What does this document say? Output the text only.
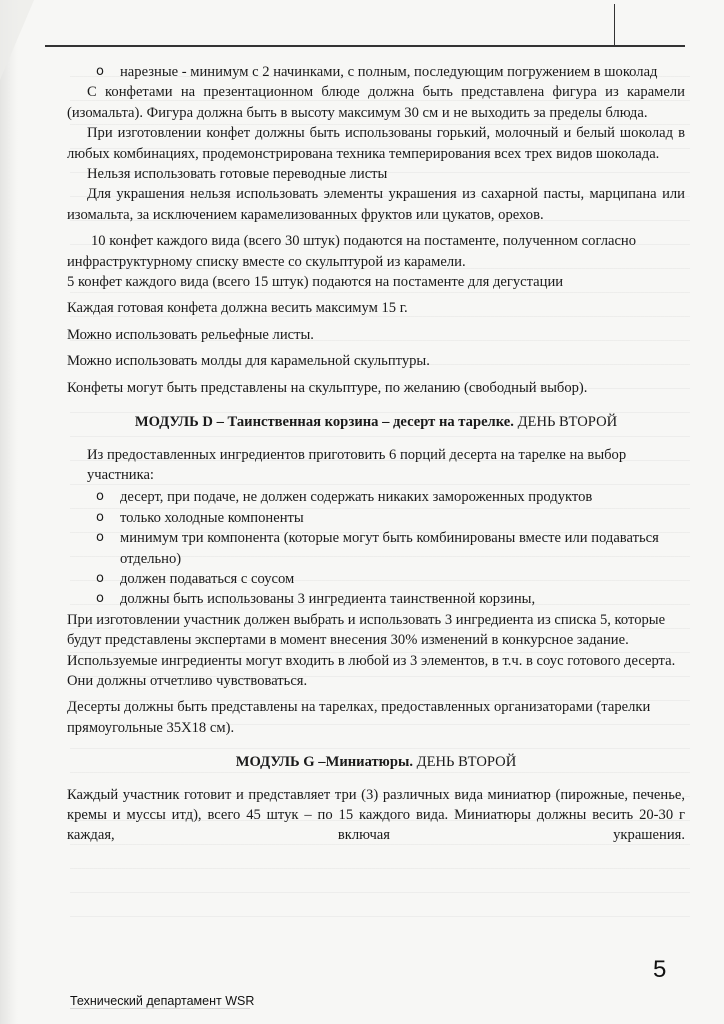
o нарезные - минимум с 2 начинками, с полным, последующим погружением в шоколад

С конфетами на презентационном блюде должна быть представлена фигура из карамели (изомальта). Фигура должна быть в высоту максимум 30 см и не выходить за пределы блюда.

При изготовлении конфет должны быть использованы горький, молочный и белый шоколад в любых комбинациях, продемонстрирована техника темперирования всех трех видов шоколада.

Нельзя использовать готовые переводные листы

Для украшения нельзя использовать элементы украшения из сахарной пасты, марципана или изомальта, за исключением карамелизованных фруктов или цукатов, орехов.

10 конфет каждого вида (всего 30 штук) подаются на постаменте, полученном согласно инфраструктурному списку вместе со скульптурой из карамели.

5 конфет каждого вида (всего 15 штук) подаются на постаменте для дегустации

Каждая готовая конфета должна весить максимум 15 г.

Можно использовать рельефные листы.

Можно использовать молды для карамельной скульптуры.

Конфеты могут быть представлены на скульптуре, по желанию (свободный выбор).

МОДУЛЬ D – Таинственная корзина – десерт на тарелке. ДЕНЬ ВТОРОЙ

Из предоставленных ингредиентов приготовить 6 порций десерта на тарелке на выбор участника:

o десерт, при подаче, не должен содержать никаких замороженных продуктов
o только холодные компоненты
o минимум три компонента (которые могут быть комбинированы вместе или подаваться отдельно)
o должен подаваться с соусом
o должны быть использованы 3 ингредиента таинственной корзины,

При изготовлении участник должен выбрать и использовать 3 ингредиента из списка 5, которые будут представлены экспертами в момент внесения 30% изменений в конкурсное задание. Используемые ингредиенты могут входить в любой из 3 элементов, в т.ч. в соус готового десерта. Они должны отчетливо чувствоваться.

Десерты должны быть представлены на тарелках, предоставленных организаторами (тарелки прямоугольные 35Х18 см).

МОДУЛЬ G –Миниатюры. ДЕНЬ ВТОРОЙ

Каждый участник готовит и представляет три (3) различных вида миниатюр (пирожные, печенье, кремы и муссы итд), всего 45 штук – по 15 каждого вида. Миниатюры должны весить 20-30 г каждая, включая украшения.

5
Технический департамент WSR
